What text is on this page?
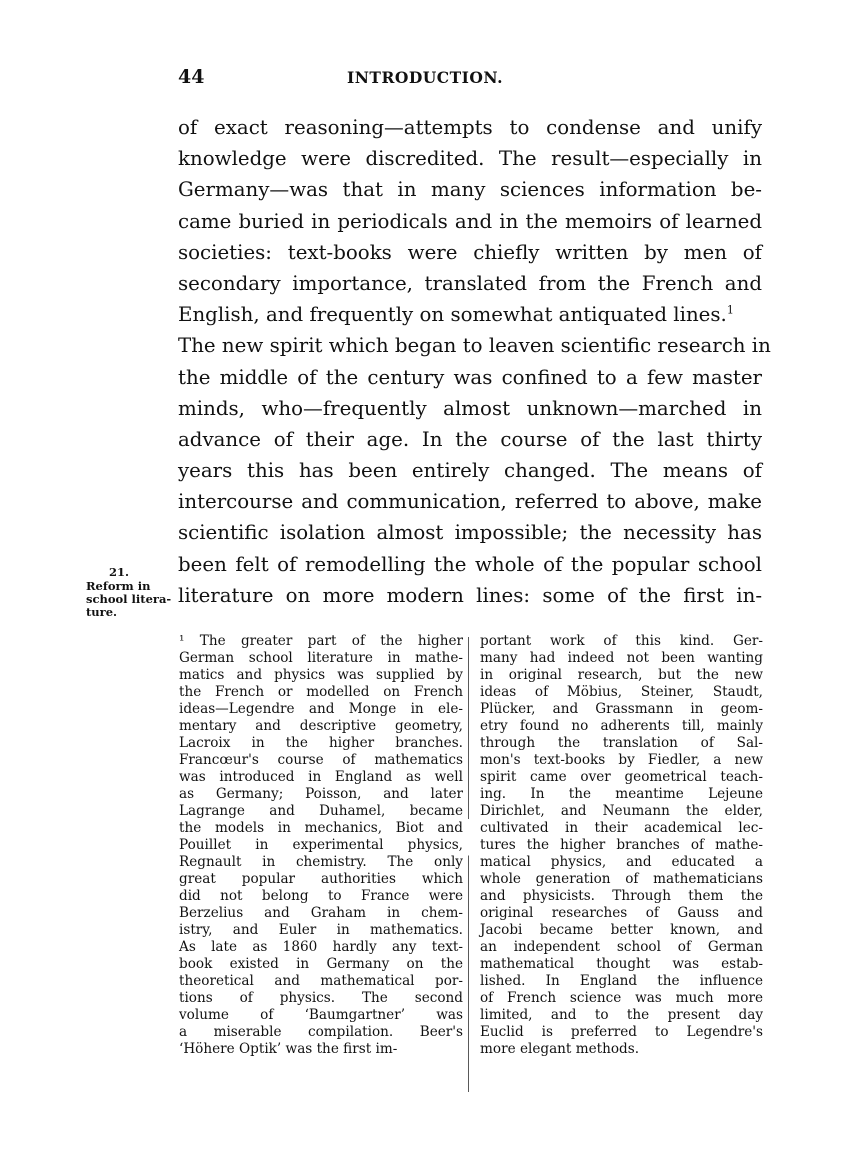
44	INTRODUCTION.
of exact reasoning—attempts to condense and unify
knowledge were discredited. The result—especially in
Germany—was that in many sciences information be-
came buried in periodicals and in the memoirs of learned
societies: text-books were chiefly written by men of
secondary importance, translated from the French and
English, and frequently on somewhat antiquated lines.$^1$
The new spirit which began to leaven scientific research in
the middle of the century was confined to a few master
minds, who—frequently almost unknown—marched in
advance of their age. In the course of the last thirty
years this has been entirely changed. The means of
intercourse and communication, referred to above, make
scientific isolation almost impossible; the necessity has
been felt of remodelling the whole of the popular school
literature on more modern lines: some of the first in-
21.
Reform in
school litera-
ture.
¹ The greater part of the higher
German school literature in mathe-
matics and physics was supplied by
the French or modelled on French
ideas—Legendre and Monge in ele-
mentary and descriptive geometry,
Lacroix in the higher branches.
Francœur's course of mathematics
was introduced in England as well
as Germany; Poisson, and later
Lagrange and Duhamel, became
the models in mechanics, Biot and
Pouillet in experimental physics,
Regnault in chemistry. The only
great popular authorities which
did not belong to France were
Berzelius and Graham in chem-
istry, and Euler in mathematics.
As late as 1860 hardly any text-
book existed in Germany on the
theoretical and mathematical por-
tions of physics. The second
volume of ‘Baumgartner’ was
a miserable compilation. Beer's
‘Höhere Optik’ was the first im-
portant work of this kind. Ger-
many had indeed not been wanting
in original research, but the new
ideas of Möbius, Steiner, Staudt,
Plücker, and Grassmann in geom-
etry found no adherents till, mainly
through the translation of Sal-
mon's text-books by Fiedler, a new
spirit came over geometrical teach-
ing. In the meantime Lejeune
Dirichlet, and Neumann the elder,
cultivated in their academical lec-
tures the higher branches of mathe-
matical physics, and educated a
whole generation of mathematicians
and physicists. Through them the
original researches of Gauss and
Jacobi became better known, and
an independent school of German
mathematical thought was estab-
lished. In England the influence
of French science was much more
limited, and to the present day
Euclid is preferred to Legendre's
more elegant methods.
